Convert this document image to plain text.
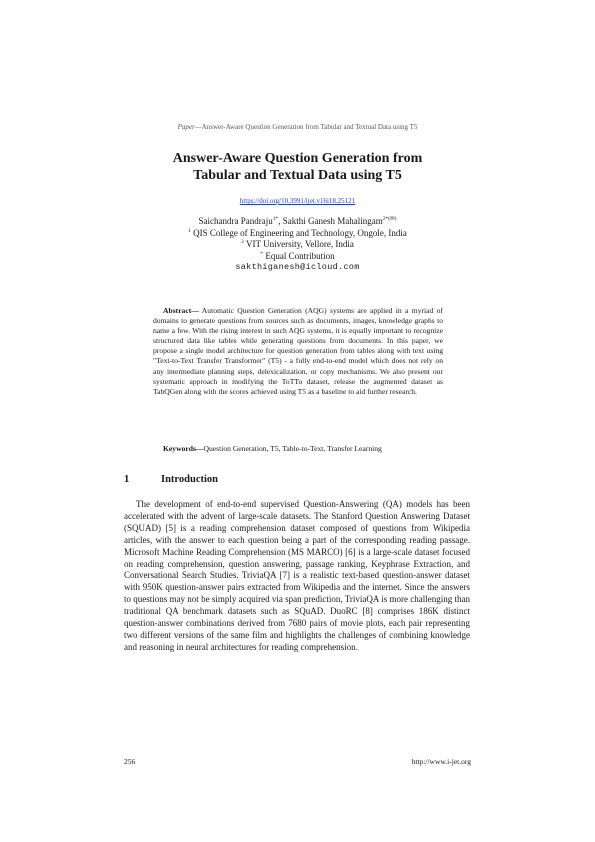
Paper—Answer-Aware Question Generation from Tabular and Textual Data using T5
Answer-Aware Question Generation from
Tabular and Textual Data using T5
https://doi.org/10.3991/ijet.v16i18.25121
Saichandra Pandraju$^{1*}$, Sakthi Ganesh Mahalingam$^{2*(✉)}$
$^1$ QIS College of Engineering and Technology, Ongole, India
$^2$ VIT University, Vellore, India
* Equal Contribution
sakthiganesh@icloud.com
Abstract— Automatic Question Generation (AQG) systems are applied in a myriad of domains to generate questions from sources such as documents, images, knowledge graphs to name a few. With the rising interest in such AQG systems, it is equally important to recognize structured data like tables while generating questions from documents. In this paper, we propose a single model architecture for question generation from tables along with text using "Text-to-Text Transfer Transformer" (T5) - a fully end-to-end model which does not rely on any intermediate planning steps, delexicalization, or copy mechanisms. We also present our systematic approach in modifying the ToTTo dataset, release the augmented dataset as TabQGen along with the scores achieved using T5 as a baseline to aid further research.
Keywords—Question Generation, T5, Table-to-Text, Transfer Learning
1	Introduction
The development of end-to-end supervised Question-Answering (QA) models has been accelerated with the advent of large-scale datasets. The Stanford Question Answering Dataset (SQUAD) [5] is a reading comprehension dataset composed of questions from Wikipedia articles, with the answer to each question being a part of the corresponding reading passage. Microsoft Machine Reading Comprehension (MS MARCO) [6] is a large-scale dataset focused on reading comprehension, question answering, passage ranking, Keyphrase Extraction, and Conversational Search Studies. TriviaQA [7] is a realistic text-based question-answer dataset with 950K question-answer pairs extracted from Wikipedia and the internet. Since the answers to questions may not be simply acquired via span prediction, TriviaQA is more challenging than traditional QA benchmark datasets such as SQuAD. DuoRC [8] comprises 186K distinct question-answer combinations derived from 7680 pairs of movie plots, each pair representing two different versions of the same film and highlights the challenges of combining knowledge and reasoning in neural architectures for reading comprehension.
256	http://www.i-jet.org
